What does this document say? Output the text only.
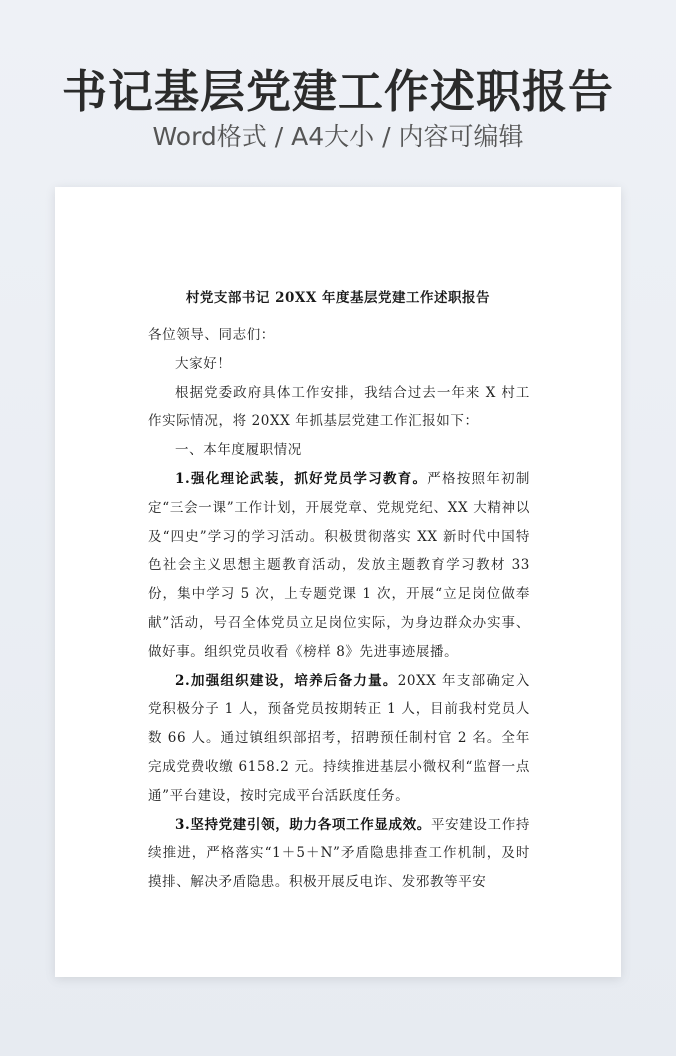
书记基层党建工作述职报告
Word格式 / A4大小 / 内容可编辑
村党支部书记 20XX 年度基层党建工作述职报告

各位领导、同志们：

大家好！

根据党委政府具体工作安排，我结合过去一年来 X 村工作实际情况，将 20XX 年抓基层党建工作汇报如下：

一、本年度履职情况

1.强化理论武装，抓好党员学习教育。严格按照年初制定“三会一课”工作计划，开展党章、党规党纪、XX 大精神以及“四史”学习的学习活动。积极贯彻落实 XX 新时代中国特色社会主义思想主题教育活动，发放主题教育学习教材 33 份，集中学习 5 次，上专题党课 1 次，开展“立足岗位做奉献”活动，号召全体党员立足岗位实际，为身边群众办实事、做好事。组织党员收看《榜样 8》先进事迹展播。

2.加强组织建设，培养后备力量。20XX 年支部确定入党积极分子 1 人，预备党员按期转正 1 人，目前我村党员人数 66 人。通过镇组织部招考，招聘预任制村官 2 名。全年完成党费收缴 6158.2 元。持续推进基层小微权利“监督一点通”平台建设，按时完成平台活跃度任务。

3.坚持党建引领，助力各项工作显成效。平安建设工作持续推进，严格落实“1＋5＋N”矛盾隐患排查工作机制，及时摸排、解决矛盾隐患。积极开展反电诈、发邪教等平安
